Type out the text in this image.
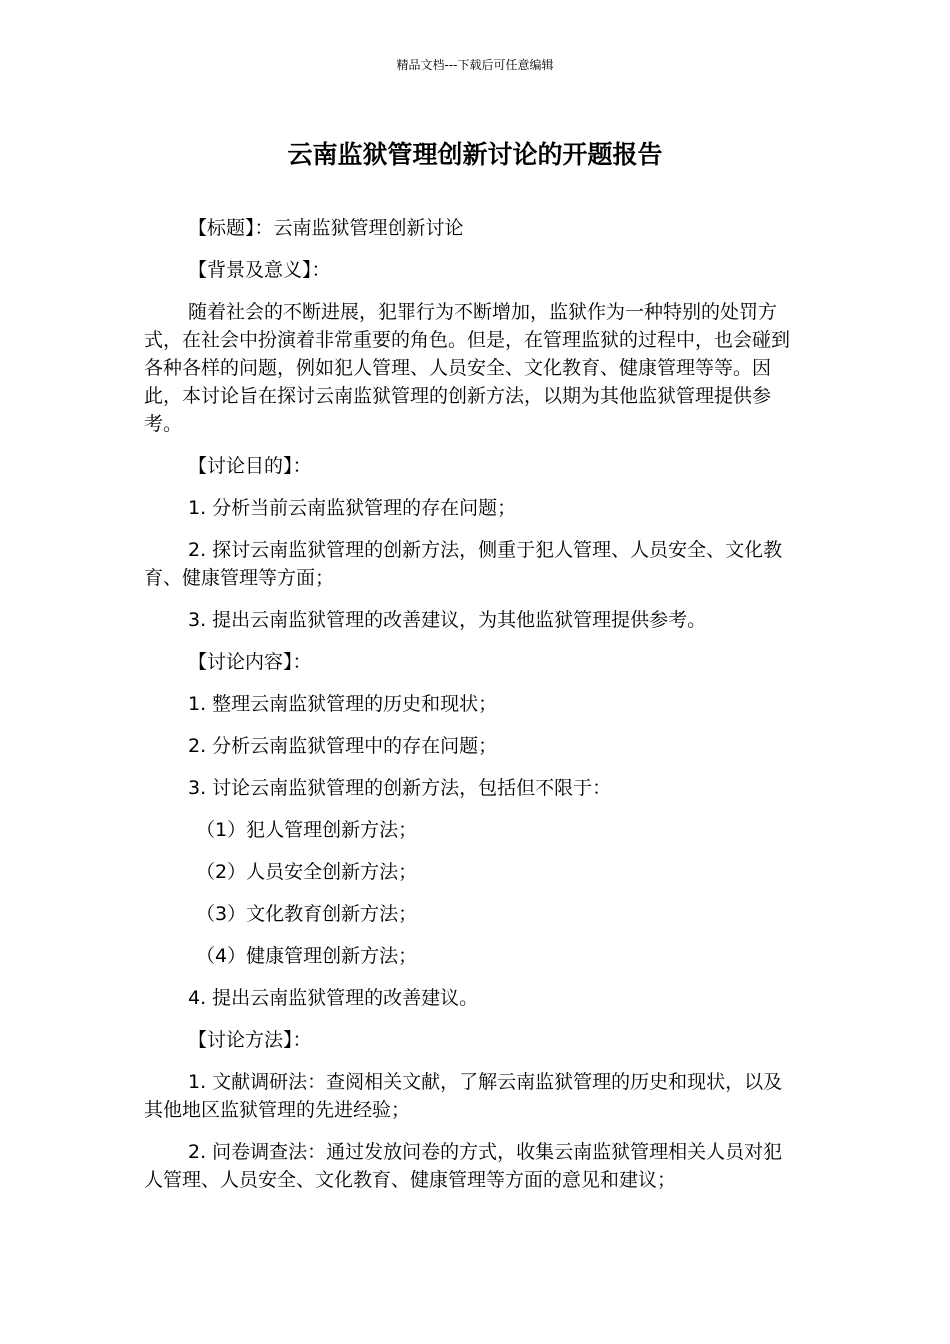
精品文档---下载后可任意编辑
云南监狱管理创新讨论的开题报告

【标题】：云南监狱管理创新讨论

【背景及意义】：

随着社会的不断进展，犯罪行为不断增加，监狱作为一种特别的处罚方式，在社会中扮演着非常重要的角色。但是，在管理监狱的过程中，也会碰到各种各样的问题，例如犯人管理、人员安全、文化教育、健康管理等等。因此，本讨论旨在探讨云南监狱管理的创新方法，以期为其他监狱管理提供参考。

【讨论目的】：

1. 分析当前云南监狱管理的存在问题；

2. 探讨云南监狱管理的创新方法，侧重于犯人管理、人员安全、文化教育、健康管理等方面；

3. 提出云南监狱管理的改善建议，为其他监狱管理提供参考。

【讨论内容】：

1. 整理云南监狱管理的历史和现状；

2. 分析云南监狱管理中的存在问题；

3. 讨论云南监狱管理的创新方法，包括但不限于：

（1）犯人管理创新方法；

（2）人员安全创新方法；

（3）文化教育创新方法；

（4）健康管理创新方法；

4. 提出云南监狱管理的改善建议。

【讨论方法】：

1. 文献调研法：查阅相关文献，了解云南监狱管理的历史和现状，以及其他地区监狱管理的先进经验；

2. 问卷调查法：通过发放问卷的方式，收集云南监狱管理相关人员对犯人管理、人员安全、文化教育、健康管理等方面的意见和建议；
